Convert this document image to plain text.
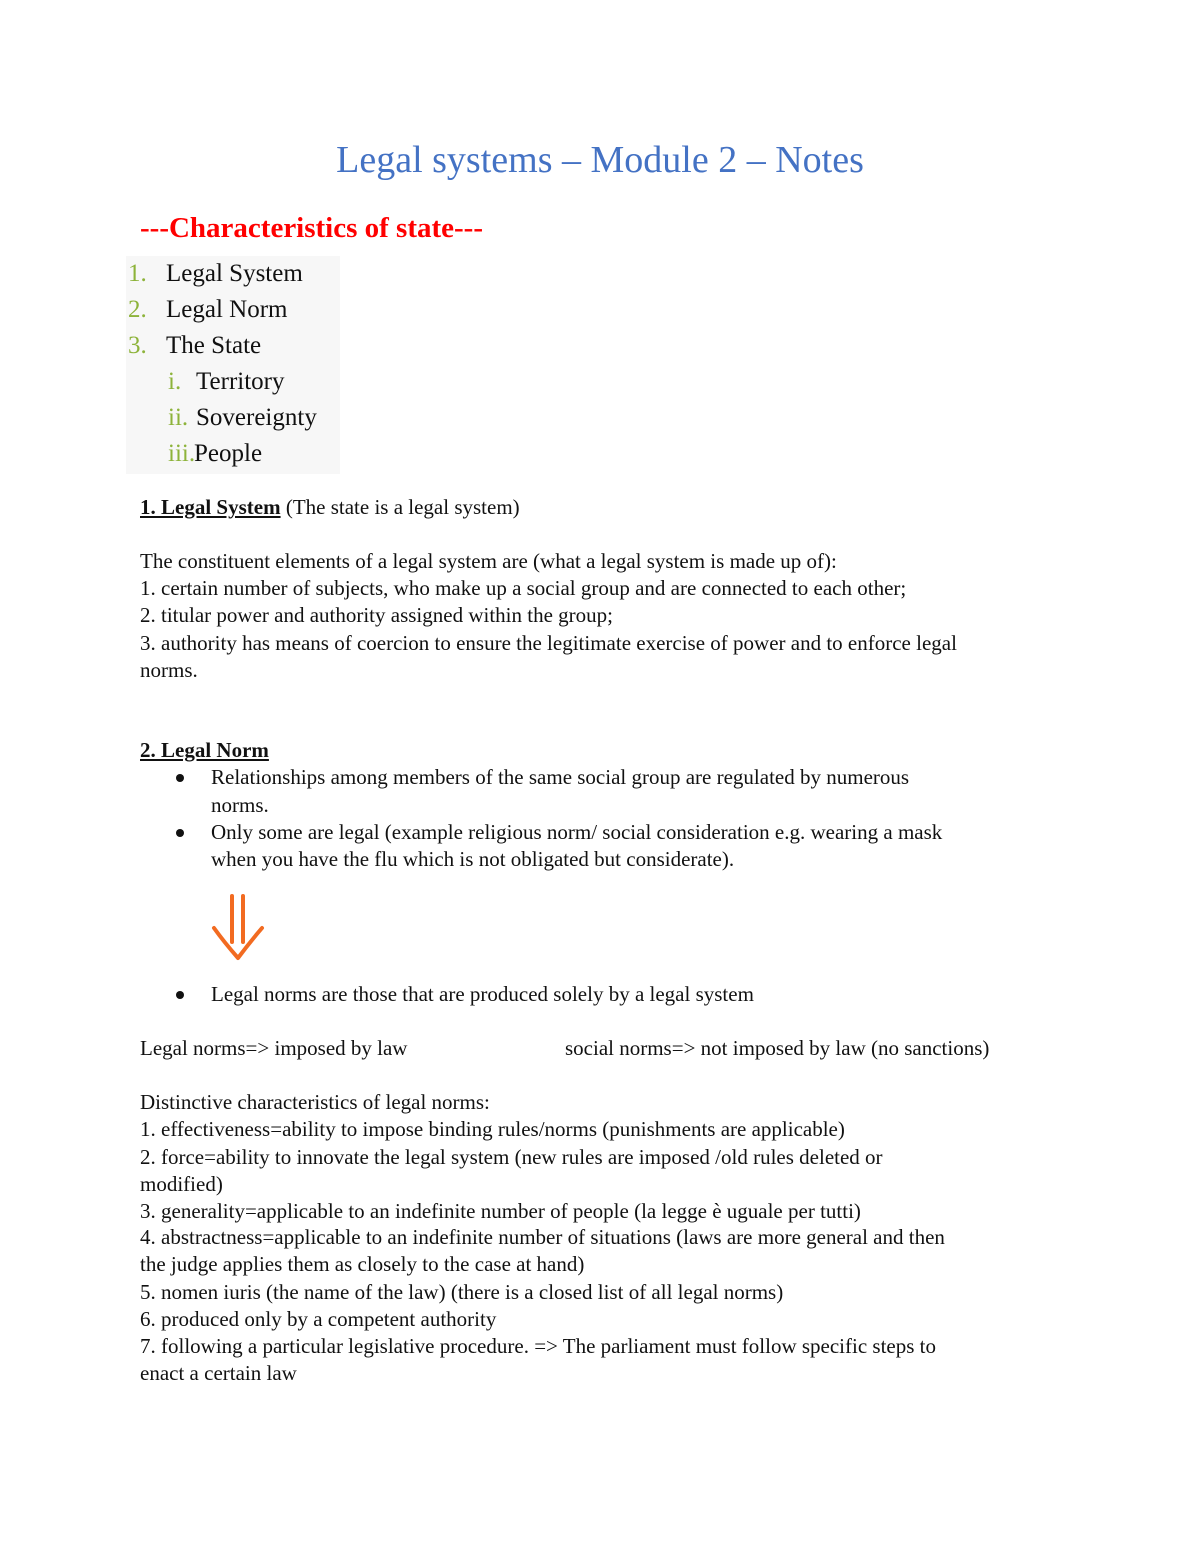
Legal systems – Module 2 – Notes
---Characteristics of state---
1. Legal System
2. Legal Norm
3. The State
i. Territory
ii. Sovereignty
iii.People
1. Legal System (The state is a legal system)
The constituent elements of a legal system are (what a legal system is made up of):
1. certain number of subjects, who make up a social group and are connected to each other;
2. titular power and authority assigned within the group;
3. authority has means of coercion to ensure the legitimate exercise of power and to enforce legal
norms.
2. Legal Norm
Relationships among members of the same social group are regulated by numerous
norms.
Only some are legal (example religious norm/ social consideration e.g. wearing a mask
when you have the flu which is not obligated but considerate).
Legal norms are those that are produced solely by a legal system
Legal norms=> imposed by law	social norms=> not imposed by law (no sanctions)
Distinctive characteristics of legal norms:
1. effectiveness=ability to impose binding rules/norms (punishments are applicable)
2. force=ability to innovate the legal system (new rules are imposed /old rules deleted or
modified)
3. generality=applicable to an indefinite number of people (la legge è uguale per tutti)
4. abstractness=applicable to an indefinite number of situations (laws are more general and then
the judge applies them as closely to the case at hand)
5. nomen iuris (the name of the law) (there is a closed list of all legal norms)
6. produced only by a competent authority
7. following a particular legislative procedure. => The parliament must follow specific steps to
enact a certain law
